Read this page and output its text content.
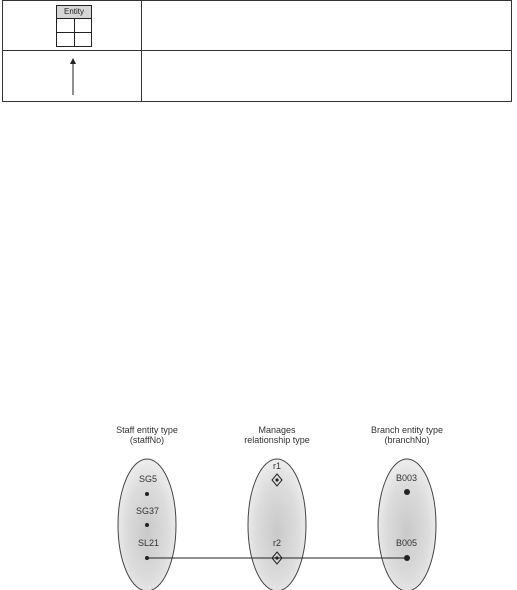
Entity
Staff entity type
(staffNo)
Manages
relationship type
Branch entity type
(branchNo)
SG5
SG37
SL21
r1
r2
B003
B005
